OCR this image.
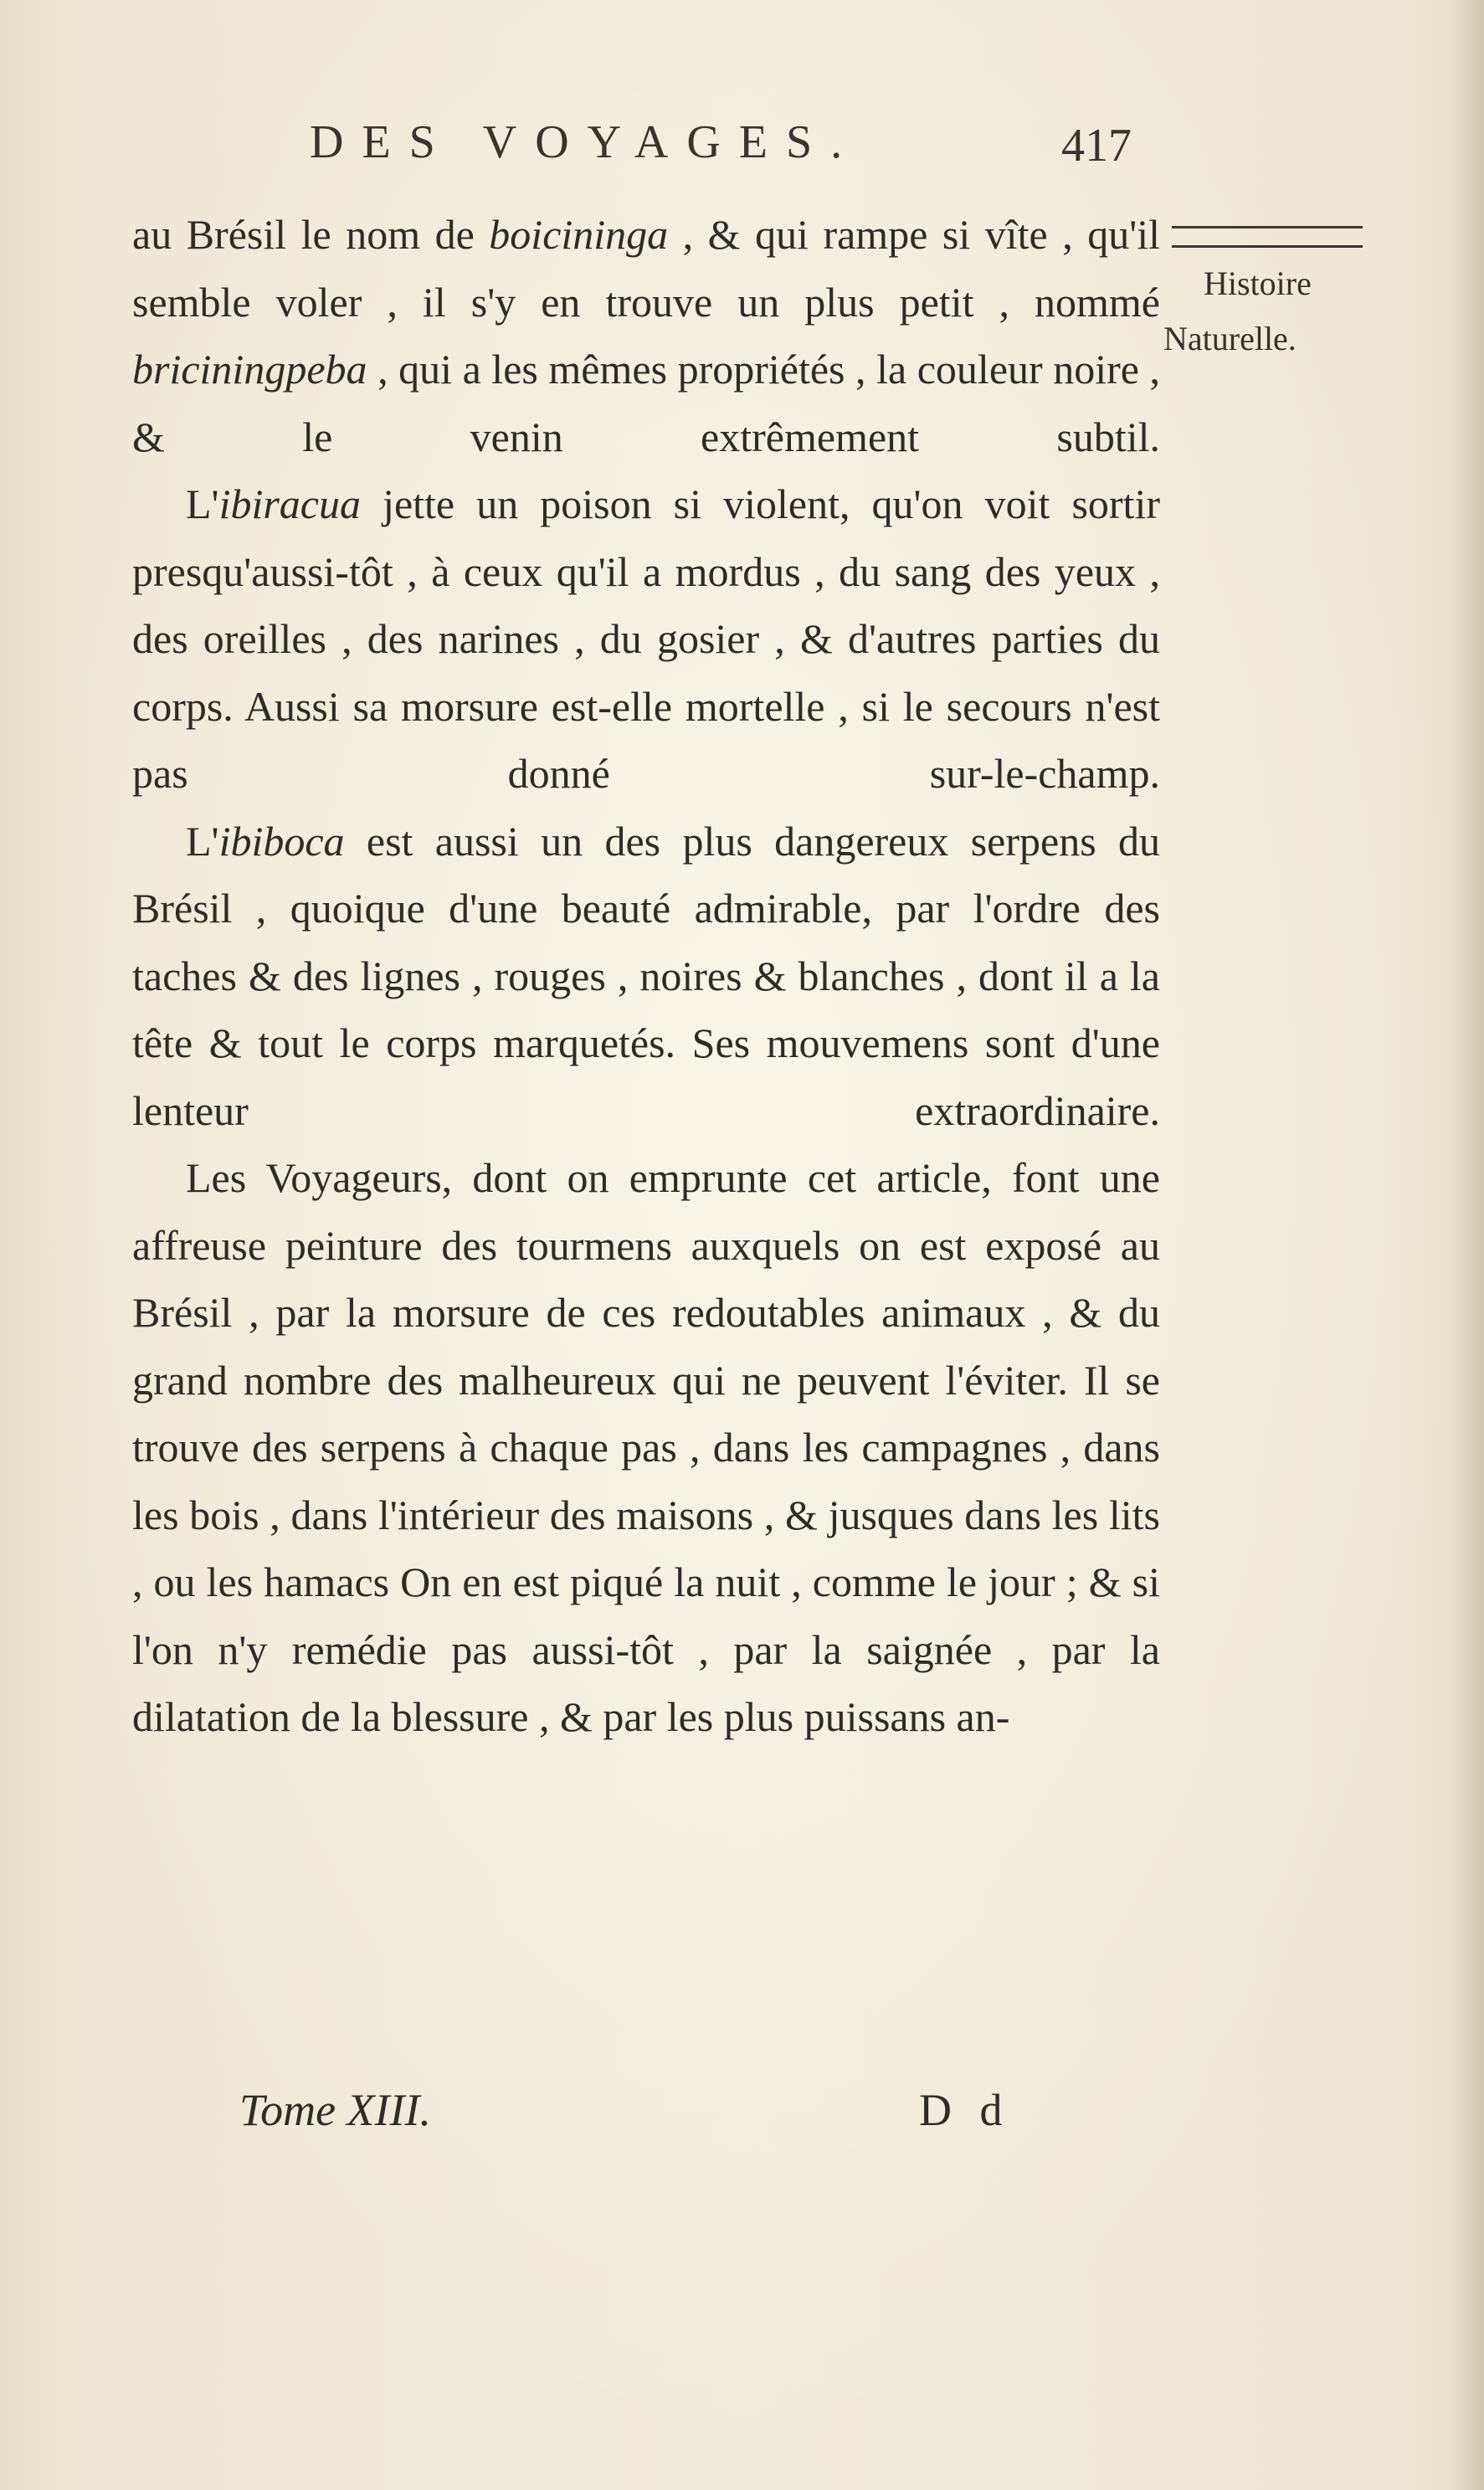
DES VOYAGES.	417
Histoire
Naturelle.

au Brésil le nom de boicininga , & qui rampe si vîte , qu'il semble voler , il s'y en trouve un plus petit , nommé briciningpeba , qui a les mêmes propriétés , la couleur noire , & le venin extrêmement subtil.

L'ibiracua jette un poison si violent, qu'on voit sortir presqu'aussi-tôt , à ceux qu'il a mordus , du sang des yeux , des oreilles , des narines , du gosier , & d'autres parties du corps. Aussi sa morsure est-elle mortelle , si le secours n'est pas donné sur-le-champ.

L'ibiboca est aussi un des plus dangereux serpens du Brésil , quoique d'une beauté admirable, par l'ordre des taches & des lignes , rouges , noires & blanches , dont il a la tête & tout le corps marquetés. Ses mouvemens sont d'une lenteur extraordinaire.

Les Voyageurs, dont on emprunte cet article, font une affreuse peinture des tourmens auxquels on est exposé au Brésil , par la morsure de ces redoutables animaux , & du grand nombre des malheureux qui ne peuvent l'éviter. Il se trouve des serpens à chaque pas , dans les campagnes , dans les bois , dans l'intérieur des maisons , & jusques dans les lits , ou les hamacs On en est piqué la nuit , comme le jour ; & si l'on n'y remédie pas aussi-tôt , par la saignée , par la dilatation de la blessure , & par les plus puissans an-

Tome XIII.	D d
